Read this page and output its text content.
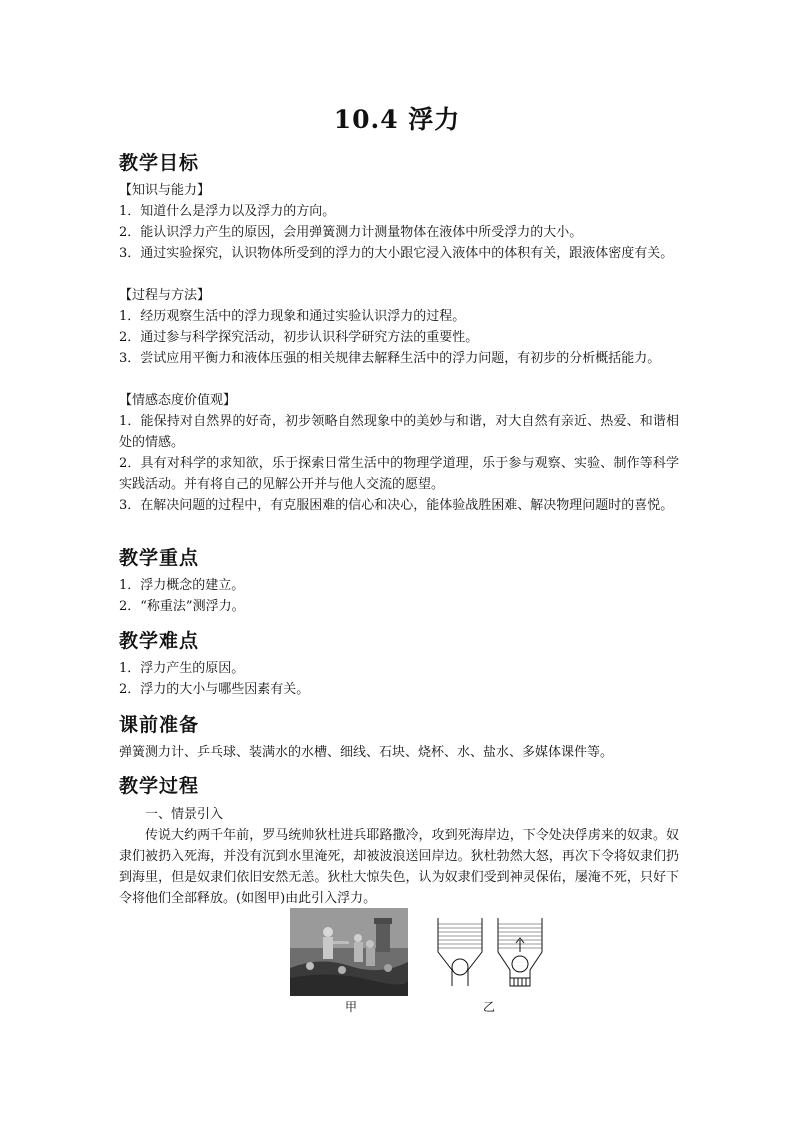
10.4 浮力
教学目标
【知识与能力】
1．知道什么是浮力以及浮力的方向。
2．能认识浮力产生的原因，会用弹簧测力计测量物体在液体中所受浮力的大小。
3．通过实验探究，认识物体所受到的浮力的大小跟它浸入液体中的体积有关，跟液体密度有关。
【过程与方法】
1．经历观察生活中的浮力现象和通过实验认识浮力的过程。
2．通过参与科学探究活动，初步认识科学研究方法的重要性。
3．尝试应用平衡力和液体压强的相关规律去解释生活中的浮力问题，有初步的分析概括能力。
【情感态度价值观】
1．能保持对自然界的好奇，初步领略自然现象中的美妙与和谐，对大自然有亲近、热爱、和谐相处的情感。
2．具有对科学的求知欲，乐于探索日常生活中的物理学道理，乐于参与观察、实验、制作等科学实践活动。并有将自己的见解公开并与他人交流的愿望。
3．在解决问题的过程中，有克服困难的信心和决心，能体验战胜困难、解决物理问题时的喜悦。
教学重点
1．浮力概念的建立。
2．“称重法”测浮力。
教学难点
1．浮力产生的原因。
2．浮力的大小与哪些因素有关。
课前准备
弹簧测力计、乒乓球、装满水的水槽、细线、石块、烧杯、水、盐水、多媒体课件等。
教学过程
一、情景引入
传说大约两千年前，罗马统帅狄杜进兵耶路撒冷，攻到死海岸边，下令处决俘虏来的奴隶。奴隶们被扔入死海，并没有沉到水里淹死，却被波浪送回岸边。狄杜勃然大怒，再次下令将奴隶们扔到海里，但是奴隶们依旧安然无恙。狄杜大惊失色，认为奴隶们受到神灵保佑，屡淹不死，只好下令将他们全部释放。(如图甲)由此引入浮力。
甲	乙
